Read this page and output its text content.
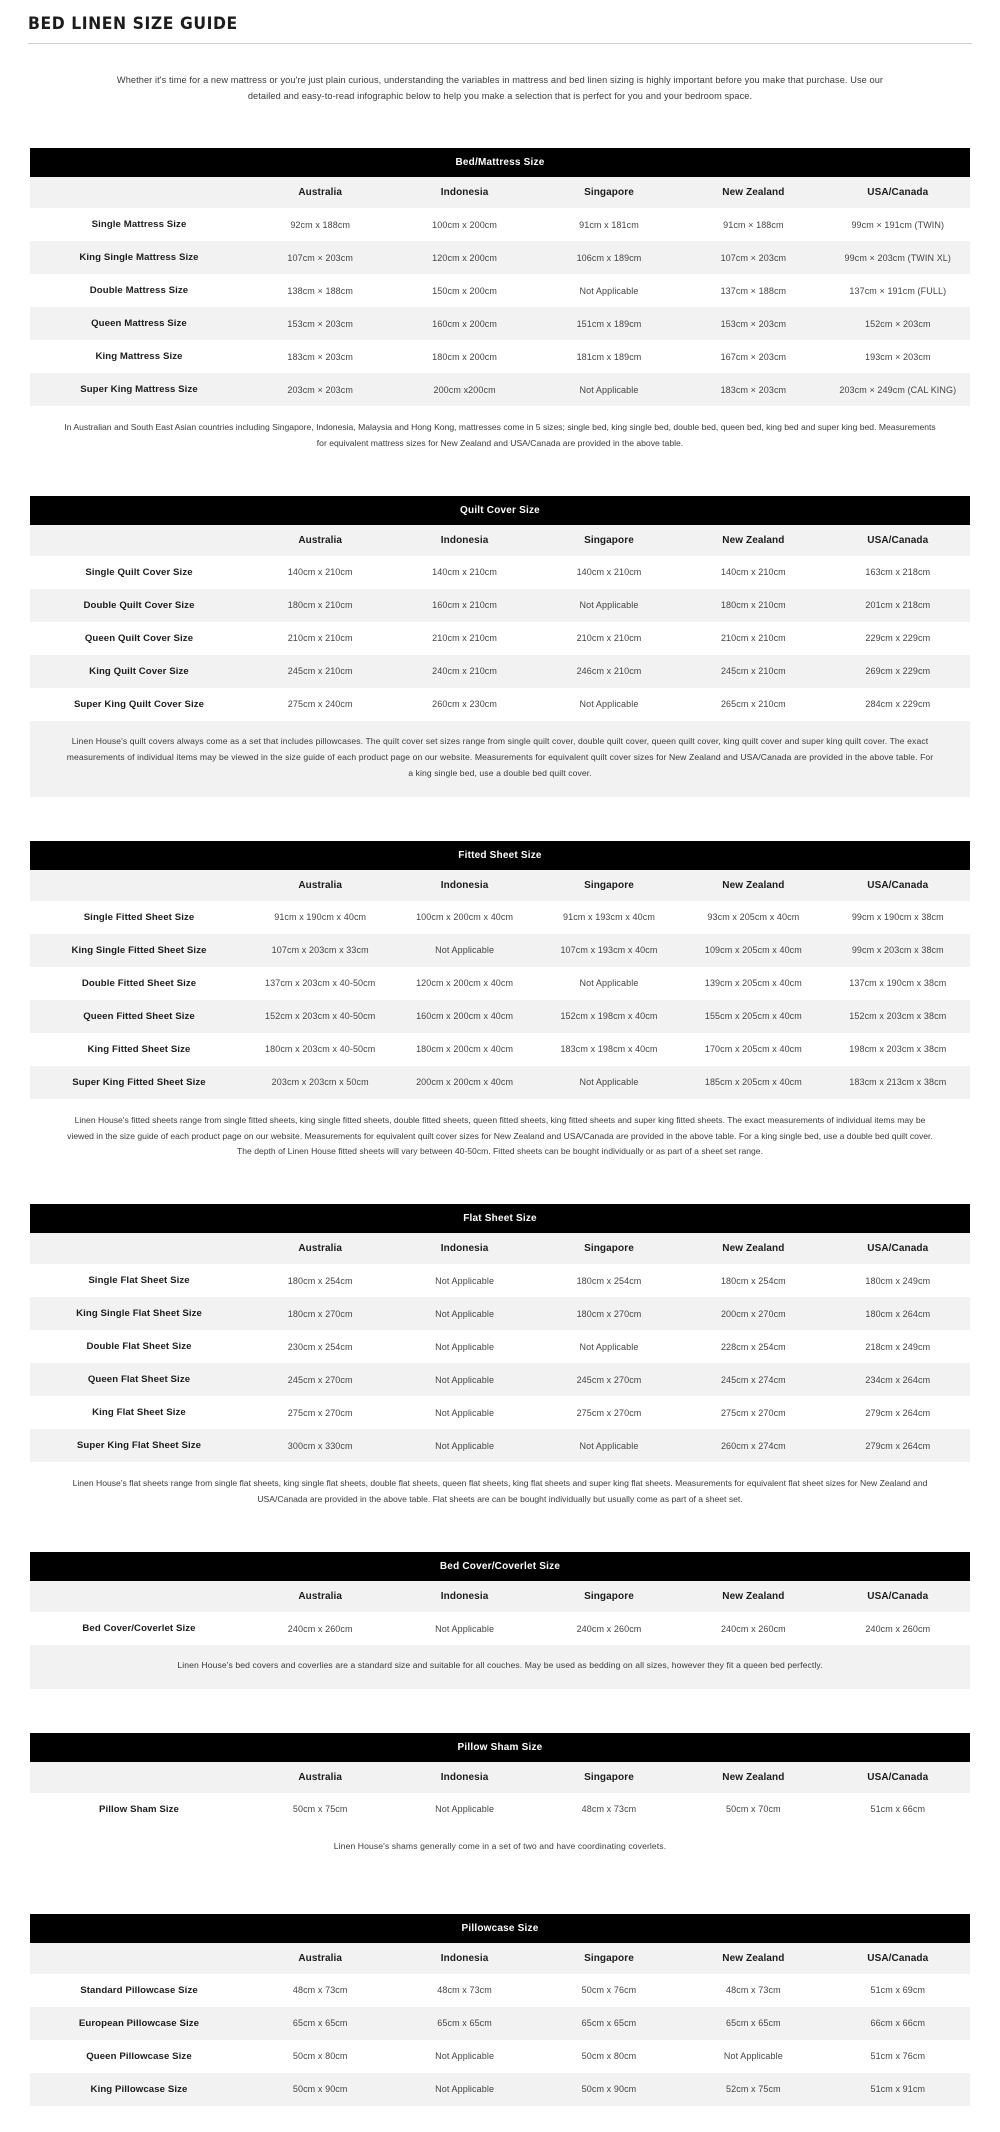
BED LINEN SIZE GUIDE

Whether it's time for a new mattress or you're just plain curious, understanding the variables in mattress and bed linen sizing is highly important before you make that purchase. Use our detailed and easy-to-read infographic below to help you make a selection that is perfect for you and your bedroom space.

Bed/Mattress Size
	Australia	Indonesia	Singapore	New Zealand	USA/Canada
Single Mattress Size	92cm x 188cm	100cm x 200cm	91cm x 181cm	91cm × 188cm	99cm × 191cm (TWIN)
King Single Mattress Size	107cm × 203cm	120cm x 200cm	106cm x 189cm	107cm × 203cm	99cm × 203cm (TWIN XL)
Double Mattress Size	138cm × 188cm	150cm x 200cm	Not Applicable	137cm × 188cm	137cm × 191cm (FULL)
Queen Mattress Size	153cm × 203cm	160cm x 200cm	151cm x 189cm	153cm × 203cm	152cm × 203cm
King Mattress Size	183cm × 203cm	180cm x 200cm	181cm x 189cm	167cm × 203cm	193cm × 203cm
Super King Mattress Size	203cm × 203cm	200cm x200cm	Not Applicable	183cm × 203cm	203cm × 249cm (CAL KING)

In Australian and South East Asian countries including Singapore, Indonesia, Malaysia and Hong Kong, mattresses come in 5 sizes; single bed, king single bed, double bed, queen bed, king bed and super king bed. Measurements for equivalent mattress sizes for New Zealand and USA/Canada are provided in the above table.

Quilt Cover Size
	Australia	Indonesia	Singapore	New Zealand	USA/Canada
Single Quilt Cover Size	140cm x 210cm	140cm x 210cm	140cm x 210cm	140cm x 210cm	163cm x 218cm
Double Quilt Cover Size	180cm x 210cm	160cm x 210cm	Not Applicable	180cm x 210cm	201cm x 218cm
Queen Quilt Cover Size	210cm x 210cm	210cm x 210cm	210cm x 210cm	210cm x 210cm	229cm x 229cm
King Quilt Cover Size	245cm x 210cm	240cm x 210cm	246cm x 210cm	245cm x 210cm	269cm x 229cm
Super King Quilt Cover Size	275cm x 240cm	260cm x 230cm	Not Applicable	265cm x 210cm	284cm x 229cm
Linen House's quilt covers always come as a set that includes pillowcases. The quilt cover set sizes range from single quilt cover, double quilt cover, queen quilt cover, king quilt cover and super king quilt cover. The exact measurements of individual items may be viewed in the size guide of each product page on our website. Measurements for equivalent quilt cover sizes for New Zealand and USA/Canada are provided in the above table. For a king single bed, use a double bed quilt cover.					
Fitted Sheet Size
	Australia	Indonesia	Singapore	New Zealand	USA/Canada
Single Fitted Sheet Size	91cm x 190cm x 40cm	100cm x 200cm x 40cm	91cm x 193cm x 40cm	93cm x 205cm x 40cm	99cm x 190cm x 38cm
King Single Fitted Sheet Size	107cm x 203cm x 33cm	Not Applicable	107cm x 193cm x 40cm	109cm x 205cm x 40cm	99cm x 203cm x 38cm
Double Fitted Sheet Size	137cm x 203cm x 40-50cm	120cm x 200cm x 40cm	Not Applicable	139cm x 205cm x 40cm	137cm x 190cm x 38cm
Queen Fitted Sheet Size	152cm x 203cm x 40-50cm	160cm x 200cm x 40cm	152cm x 198cm x 40cm	155cm x 205cm x 40cm	152cm x 203cm x 38cm
King Fitted Sheet Size	180cm x 203cm x 40-50cm	180cm x 200cm x 40cm	183cm x 198cm x 40cm	170cm x 205cm x 40cm	198cm x 203cm x 38cm
Super King Fitted Sheet Size	203cm x 203cm x 50cm	200cm x 200cm x 40cm	Not Applicable	185cm x 205cm x 40cm	183cm x 213cm x 38cm

Linen House's fitted sheets range from single fitted sheets, king single fitted sheets, double fitted sheets, queen fitted sheets, king fitted sheets and super king fitted sheets. The exact measurements of individual items may be viewed in the size guide of each product page on our website. Measurements for equivalent quilt cover sizes for New Zealand and USA/Canada are provided in the above table. For a king single bed, use a double bed quilt cover. The depth of Linen House fitted sheets will vary between 40-50cm. Fitted sheets can be bought individually or as part of a sheet set range.

Flat Sheet Size
	Australia	Indonesia	Singapore	New Zealand	USA/Canada
Single Flat Sheet Size	180cm x 254cm	Not Applicable	180cm x 254cm	180cm x 254cm	180cm x 249cm
King Single Flat Sheet Size	180cm x 270cm	Not Applicable	180cm x 270cm	200cm x 270cm	180cm x 264cm
Double Flat Sheet Size	230cm x 254cm	Not Applicable	Not Applicable	228cm x 254cm	218cm x 249cm
Queen Flat Sheet Size	245cm x 270cm	Not Applicable	245cm x 270cm	245cm x 274cm	234cm x 264cm
King Flat Sheet Size	275cm x 270cm	Not Applicable	275cm x 270cm	275cm x 270cm	279cm x 264cm
Super King Flat Sheet Size	300cm x 330cm	Not Applicable	Not Applicable	260cm x 274cm	279cm x 264cm

Linen House's flat sheets range from single flat sheets, king single flat sheets, double flat sheets, queen flat sheets, king flat sheets and super king flat sheets. Measurements for equivalent flat sheet sizes for New Zealand and USA/Canada are provided in the above table. Flat sheets are can be bought individually but usually come as part of a sheet set.

Bed Cover/Coverlet Size
	Australia	Indonesia	Singapore	New Zealand	USA/Canada
Bed Cover/Coverlet Size	240cm x 260cm	Not Applicable	240cm x 260cm	240cm x 260cm	240cm x 260cm
Linen House's bed covers and coverlies are a standard size and suitable for all couches. May be used as bedding on all sizes, however they fit a queen bed perfectly.					
Pillow Sham Size
	Australia	Indonesia	Singapore	New Zealand	USA/Canada
Pillow Sham Size	50cm x 75cm	Not Applicable	48cm x 73cm	50cm x 70cm	51cm x 66cm
Linen House's shams generally come in a set of two and have coordinating coverlets.					
Pillowcase Size
	Australia	Indonesia	Singapore	New Zealand	USA/Canada
Standard Pillowcase Size	48cm x 73cm	48cm x 73cm	50cm x 76cm	48cm x 73cm	51cm x 69cm
European Pillowcase Size	65cm x 65cm	65cm x 65cm	65cm x 65cm	65cm x 65cm	66cm x 66cm
Queen Pillowcase Size	50cm x 80cm	Not Applicable	50cm x 80cm	Not Applicable	51cm x 76cm
King Pillowcase Size	50cm x 90cm	Not Applicable	50cm x 90cm	52cm x 75cm	51cm x 91cm
